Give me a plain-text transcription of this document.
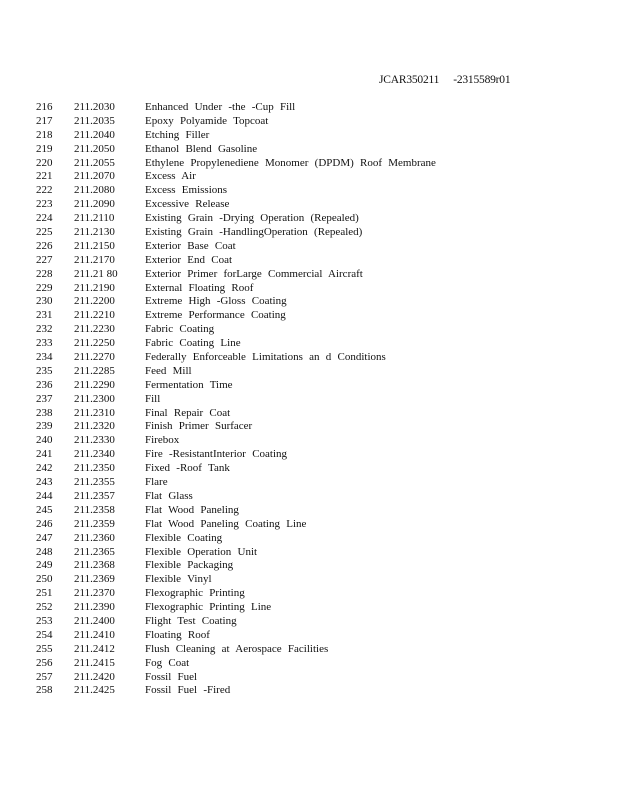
JCAR350211 -2315589r01
216	211.2030	Enhanced Under -the -Cup Fill
217	211.2035	Epoxy Polyamide Topcoat
218	211.2040	Etching Filler
219	211.2050	Ethanol Blend Gasoline
220	211.2055	Ethylene Propylenediene Monomer (DPDM) Roof Membrane
221	211.2070	Excess Air
222	211.2080	Excess Emissions
223	211.2090	Excessive Release
224	211.2110	Existing Grain -Drying Operation (Repealed)
225	211.2130	Existing Grain -HandlingOperation (Repealed)
226	211.2150	Exterior Base Coat
227	211.2170	Exterior End Coat
228	211.21 80	Exterior Primer forLarge Commercial Aircraft
229	211.2190	External Floating Roof
230	211.2200	Extreme High -Gloss Coating
231	211.2210	Extreme Performance Coating
232	211.2230	Fabric Coating
233	211.2250	Fabric Coating Line
234	211.2270	Federally Enforceable Limitations an d Conditions
235	211.2285	Feed Mill
236	211.2290	Fermentation Time
237	211.2300	Fill
238	211.2310	Final Repair Coat
239	211.2320	Finish Primer Surfacer
240	211.2330	Firebox
241	211.2340	Fire -ResistantInterior Coating
242	211.2350	Fixed -Roof Tank
243	211.2355	Flare
244	211.2357	Flat Glass
245	211.2358	Flat Wood Paneling
246	211.2359	Flat Wood Paneling Coating Line
247	211.2360	Flexible Coating
248	211.2365	Flexible Operation Unit
249	211.2368	Flexible Packaging
250	211.2369	Flexible Vinyl
251	211.2370	Flexographic Printing
252	211.2390	Flexographic Printing Line
253	211.2400	Flight Test Coating
254	211.2410	Floating Roof
255	211.2412	Flush Cleaning at Aerospace Facilities
256	211.2415	Fog Coat
257	211.2420	Fossil Fuel
258	211.2425	Fossil Fuel -Fired
